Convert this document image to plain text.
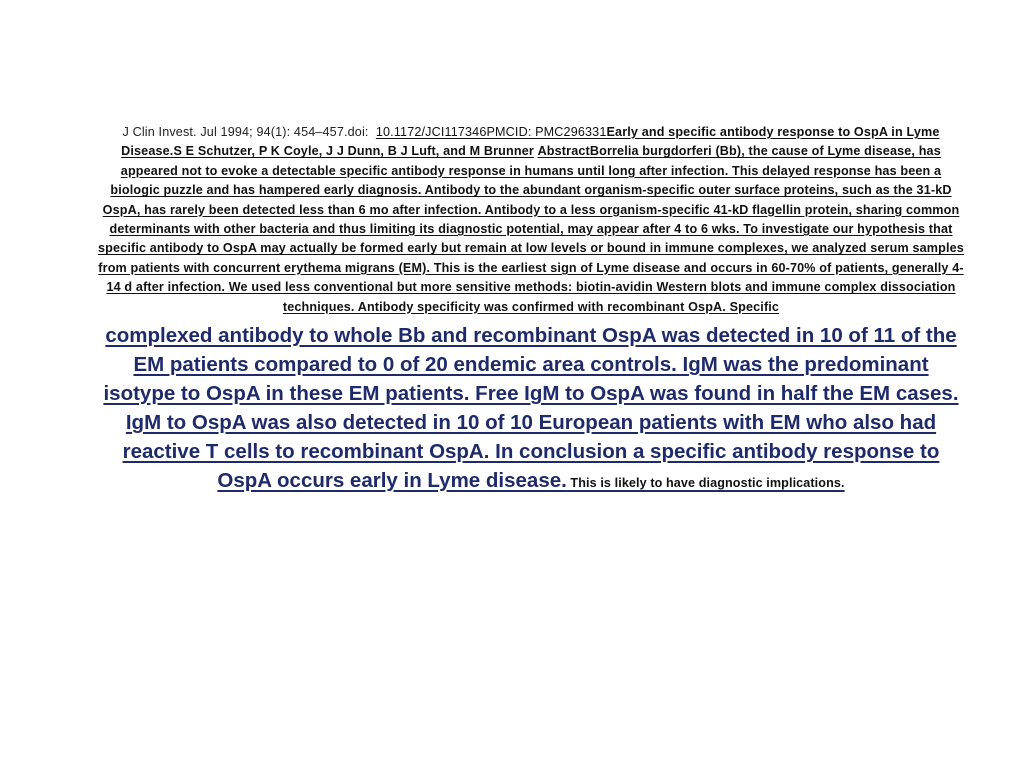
J Clin Invest. Jul 1994; 94(1): 454–457.doi: 10.1172/JCI117346PMCID: PMC296331Early and specific antibody response to OspA in Lyme Disease.S E Schutzer, P K Coyle, J J Dunn, B J Luft, and M Brunner AbstractBorrelia burgdorferi (Bb), the cause of Lyme disease, has appeared not to evoke a detectable specific antibody response in humans until long after infection. This delayed response has been a biologic puzzle and has hampered early diagnosis. Antibody to the abundant organism-specific outer surface proteins, such as the 31-kD OspA, has rarely been detected less than 6 mo after infection. Antibody to a less organism-specific 41-kD flagellin protein, sharing common determinants with other bacteria and thus limiting its diagnostic potential, may appear after 4 to 6 wks. To investigate our hypothesis that specific antibody to OspA may actually be formed early but remain at low levels or bound in immune complexes, we analyzed serum samples from patients with concurrent erythema migrans (EM). This is the earliest sign of Lyme disease and occurs in 60-70% of patients, generally 4-14 d after infection. We used less conventional but more sensitive methods: biotin-avidin Western blots and immune complex dissociation techniques. Antibody specificity was confirmed with recombinant OspA. Specific
complexed antibody to whole Bb and recombinant OspA was detected in 10 of 11 of the EM patients compared to 0 of 20 endemic area controls. IgM was the predominant isotype to OspA in these EM patients. Free IgM to OspA was found in half the EM cases. IgM to OspA was also detected in 10 of 10 European patients with EM who also had reactive T cells to recombinant OspA. In conclusion a specific antibody response to OspA occurs early in Lyme disease. This is likely to have diagnostic implications.
